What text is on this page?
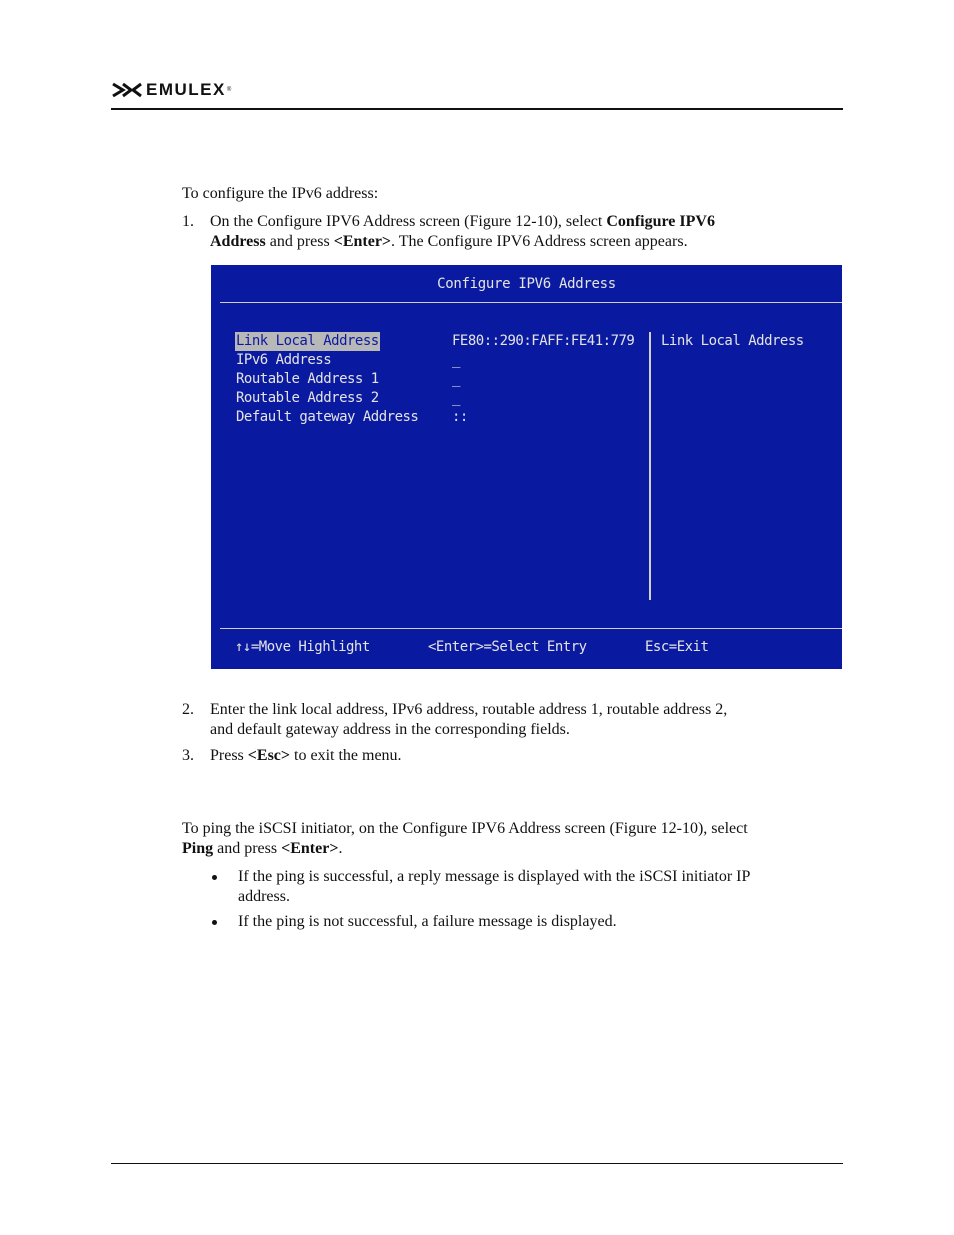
EMULEX ®

To configure the IPv6 address:

1. On the Configure IPV6 Address screen (Figure 12-10), select Configure IPV6
Address and press <Enter>. The Configure IPV6 Address screen appears.

Configure IPV6 Address
Link Local Address
IPv6 Address
Routable Address 1
Routable Address 2
Default gateway Address
FE80::290:FAFF:FE41:779
_
_
_
::
Link Local Address
↑↓=Move Highlight	<Enter>=Select Entry	Esc=Exit
2. Enter the link local address, IPv6 address, routable address 1, routable address 2,
and default gateway address in the corresponding fields.

3. Press <Esc> to exit the menu.

To ping the iSCSI initiator, on the Configure IPV6 Address screen (Figure 12-10), select
Ping and press <Enter>.

If the ping is successful, a reply message is displayed with the iSCSI initiator IP
address.

If the ping is not successful, a failure message is displayed.
